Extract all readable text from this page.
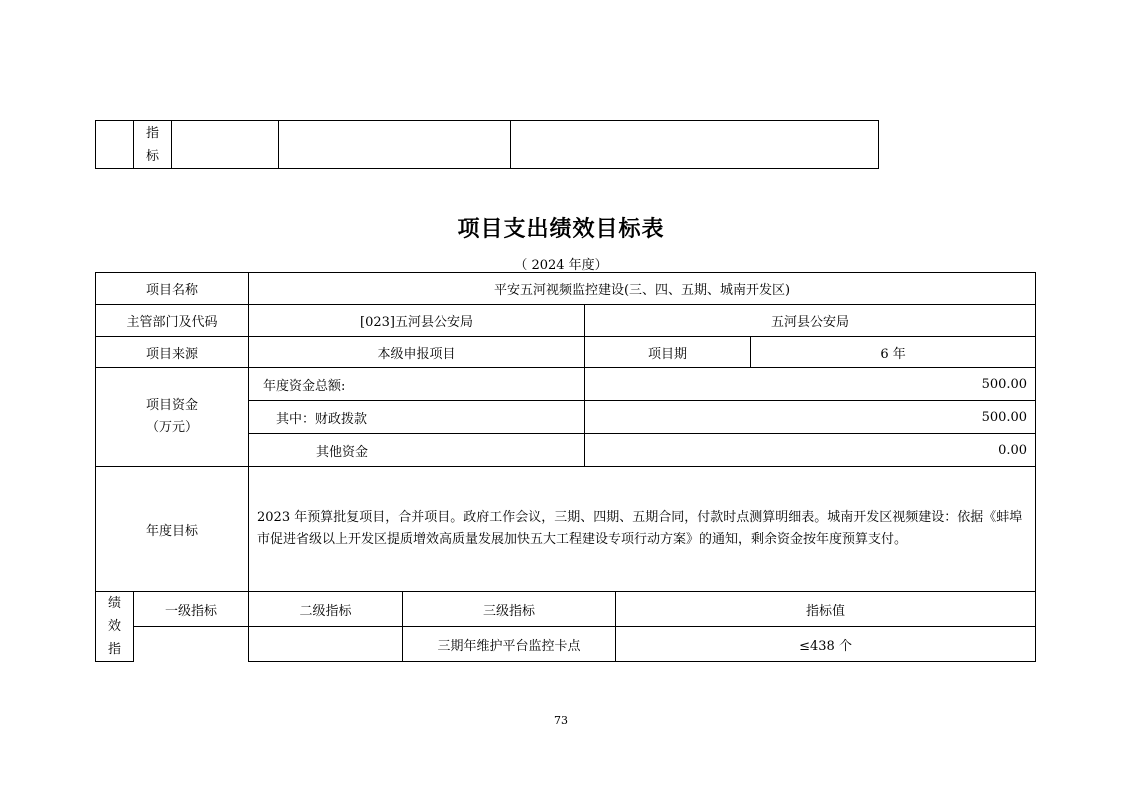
	指
标			
项目支出绩效目标表
（ 2024 年度）
项目名称		平安五河视频监控建设(三、四、五期、城南开发区)				
主管部门及代码		[023]五河县公安局		五河县公安局		
项目来源		本级申报项目		项目期		6 年
项目资金
（万元）		年度资金总额:		500.00		
		其中：财政拨款		500.00		
		其他资金		0.00		
年度目标		2023 年预算批复项目，合并项目。政府工作会议，三期、四期、五期合同，付款时点测算明细表。城南开发区视频建设：依据《蚌埠市促进省级以上开发区提质增效高质量发展加快五大工程建设专项行动方案》的通知，剩余资金按年度预算支付。				
绩
效
指	一级指标	二级指标	三级指标		指标值	
			三期年维护平台监控卡点		≤438 个	
73
